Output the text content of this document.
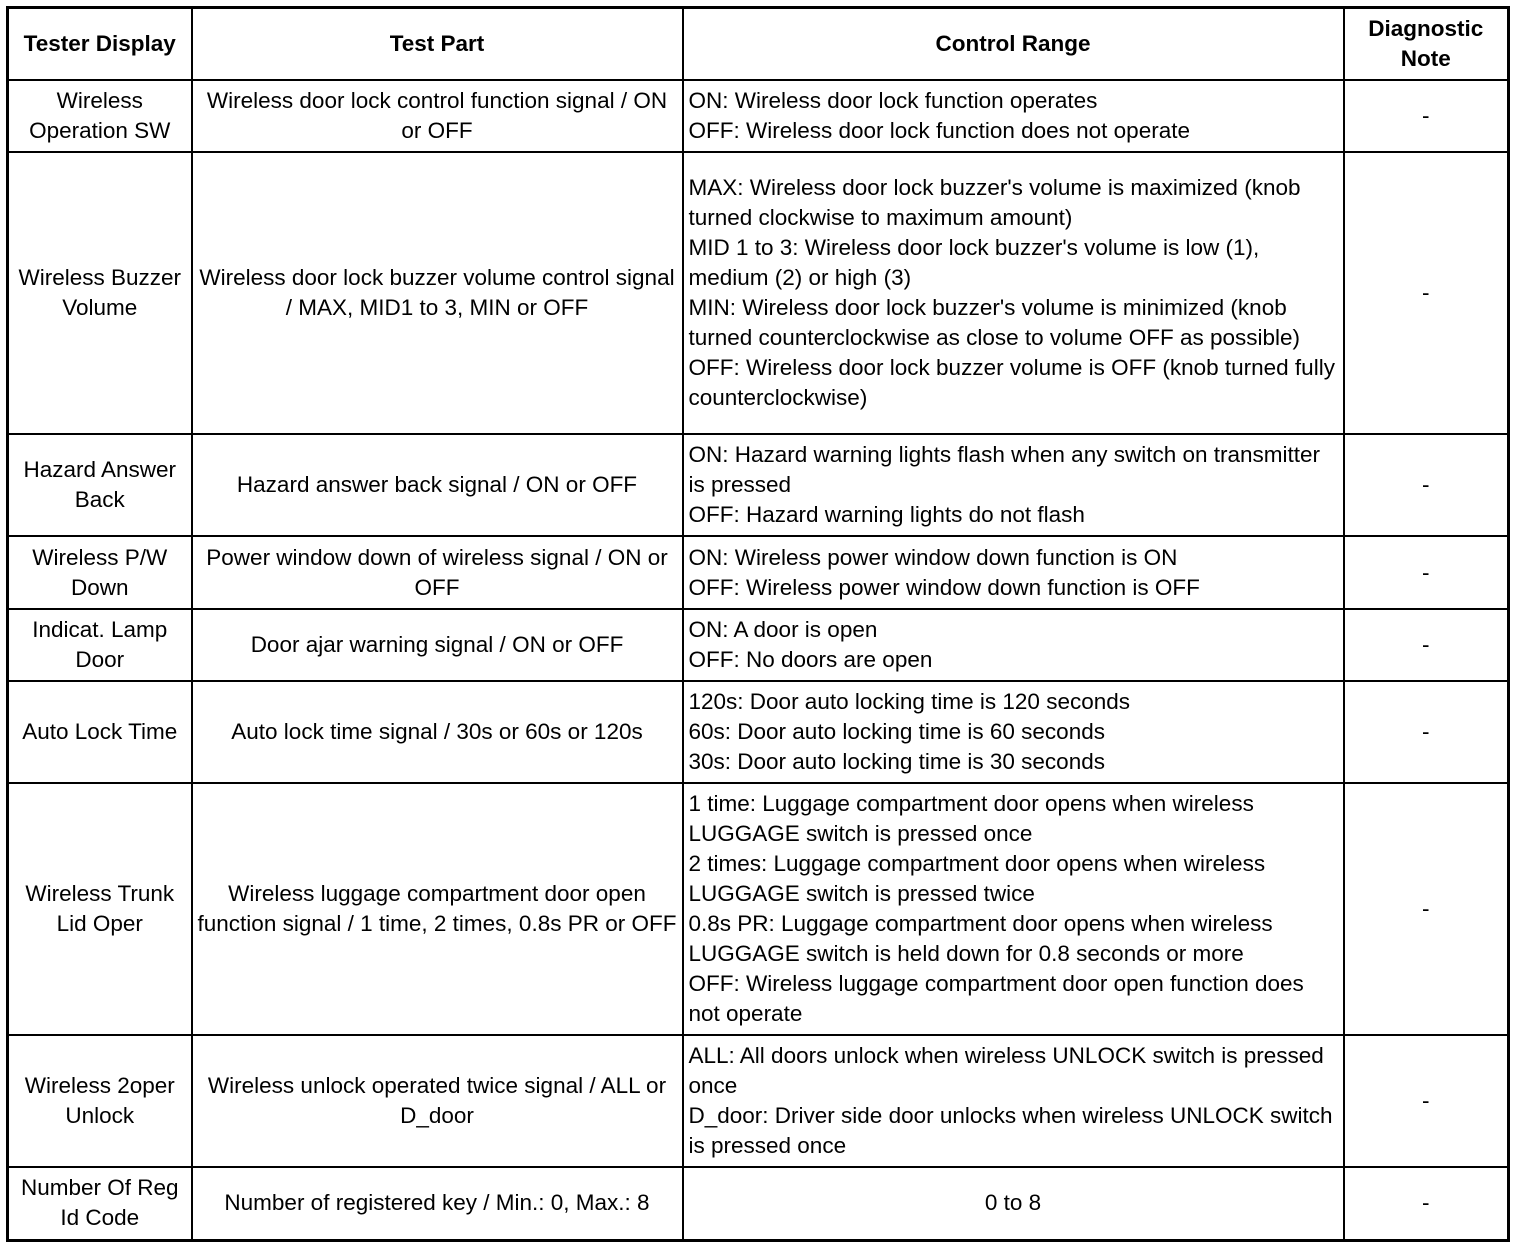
Tester Display	Test Part	Control Range	Diagnostic Note
Wireless Operation SW	Wireless door lock control function signal / ON or OFF	ON: Wireless door lock function operates
OFF: Wireless door lock function does not operate	-
Wireless Buzzer Volume	Wireless door lock buzzer volume control signal / MAX, MID1 to 3, MIN or OFF	MAX: Wireless door lock buzzer's volume is maximized (knob turned clockwise to maximum amount)
MID 1 to 3: Wireless door lock buzzer's volume is low (1), medium (2) or high (3)
MIN: Wireless door lock buzzer's volume is minimized (knob turned counterclockwise as close to volume OFF as possible)
OFF: Wireless door lock buzzer volume is OFF (knob turned fully counterclockwise)	-
Hazard Answer Back	Hazard answer back signal / ON or OFF	ON: Hazard warning lights flash when any switch on transmitter is pressed
OFF: Hazard warning lights do not flash	-
Wireless P/W Down	Power window down of wireless signal / ON or OFF	ON: Wireless power window down function is ON
OFF: Wireless power window down function is OFF	-
Indicat. Lamp Door	Door ajar warning signal / ON or OFF	ON: A door is open
OFF: No doors are open	-
Auto Lock Time	Auto lock time signal / 30s or 60s or 120s	120s: Door auto locking time is 120 seconds
60s: Door auto locking time is 60 seconds
30s: Door auto locking time is 30 seconds	-
Wireless Trunk Lid Oper	Wireless luggage compartment door open function signal / 1 time, 2 times, 0.8s PR or OFF	1 time: Luggage compartment door opens when wireless LUGGAGE switch is pressed once
2 times: Luggage compartment door opens when wireless LUGGAGE switch is pressed twice
0.8s PR: Luggage compartment door opens when wireless LUGGAGE switch is held down for 0.8 seconds or more
OFF: Wireless luggage compartment door open function does not operate	-
Wireless 2oper Unlock	Wireless unlock operated twice signal / ALL or D_door	ALL: All doors unlock when wireless UNLOCK switch is pressed once
D_door: Driver side door unlocks when wireless UNLOCK switch is pressed once	-
Number Of Reg Id Code	Number of registered key / Min.: 0, Max.: 8	0 to 8	-
